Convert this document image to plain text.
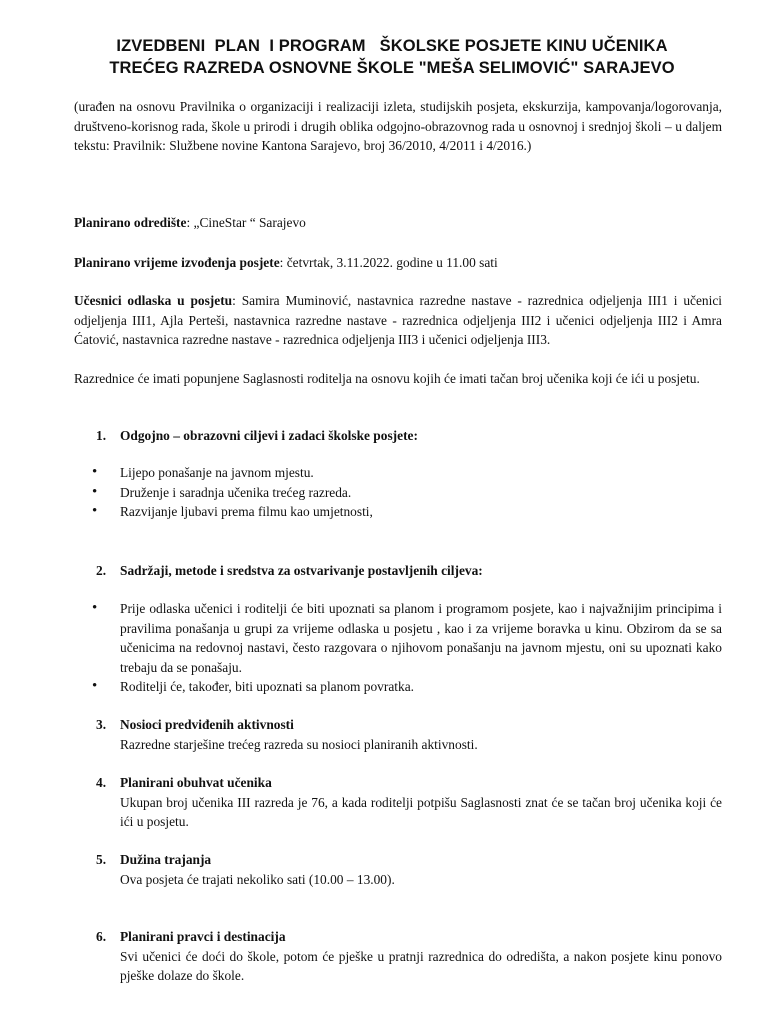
IZVEDBENI  PLAN  I PROGRAM   ŠKOLSKE POSJETE KINU UČENIKA
TREĆEG RAZREDA OSNOVNE ŠKOLE "MEŠA SELIMOVIĆ" SARAJEVO
(urađen na osnovu Pravilnika o organizaciji i realizaciji izleta, studijskih posjeta, ekskurzija, kampovanja/logorovanja, društveno-korisnog rada, škole u prirodi i drugih oblika odgojno-obrazovnog rada u osnovnoj i srednjoj školi – u daljem tekstu: Pravilnik: Službene novine Kantona Sarajevo, broj 36/2010, 4/2011 i 4/2016.)
Planirano odredište: „CineStar “ Sarajevo
Planirano vrijeme izvođenja posjete: četvrtak, 3.11.2022. godine u 11.00 sati
Učesnici odlaska u posjetu: Samira Muminović, nastavnica razredne nastave - razrednica odjeljenja III1 i učenici odjeljenja III1, Ajla Perteši, nastavnica razredne nastave - razrednica odjeljenja III2 i učenici odjeljenja III2 i Amra Ćatović, nastavnica razredne nastave - razrednica odjeljenja III3 i učenici odjeljenja III3.
Razrednice će imati popunjene Saglasnosti roditelja na osnovu kojih će imati tačan broj učenika koji će ići u posjetu.
1.	Odgojno – obrazovni ciljevi i zadaci školske posjete:
•	Lijepo ponašanje na javnom mjestu.
•	Druženje i saradnja učenika trećeg razreda.
•	Razvijanje ljubavi prema filmu kao umjetnosti,
2.	Sadržaji, metode i sredstva za ostvarivanje postavljenih ciljeva:
•	Prije odlaska učenici i roditelji će biti upoznati sa planom i programom posjete, kao i najvažnijim principima i pravilima ponašanja u grupi za vrijeme odlaska u posjetu , kao i za vrijeme boravka u kinu. Obzirom da se sa učenicima na redovnoj nastavi, često razgovara o njihovom ponašanju na javnom mjestu, oni su upoznati kako trebaju da se ponašaju.
•	Roditelji će, također, biti upoznati sa planom povratka.
3.	Nosioci predviđenih aktivnosti
Razredne starješine trećeg razreda su nosioci planiranih aktivnosti.
4.	Planirani obuhvat učenika
Ukupan broj učenika III razreda je 76, a kada roditelji potpišu Saglasnosti znat će se tačan broj učenika koji će ići u posjetu.
5.	Dužina trajanja
Ova posjeta će trajati nekoliko sati (10.00 – 13.00).
6.	Planirani pravci i destinacija
Svi učenici će doći do škole, potom će pješke u pratnji razrednica do odredišta, a nakon posjete kinu ponovo pješke dolaze do škole.
